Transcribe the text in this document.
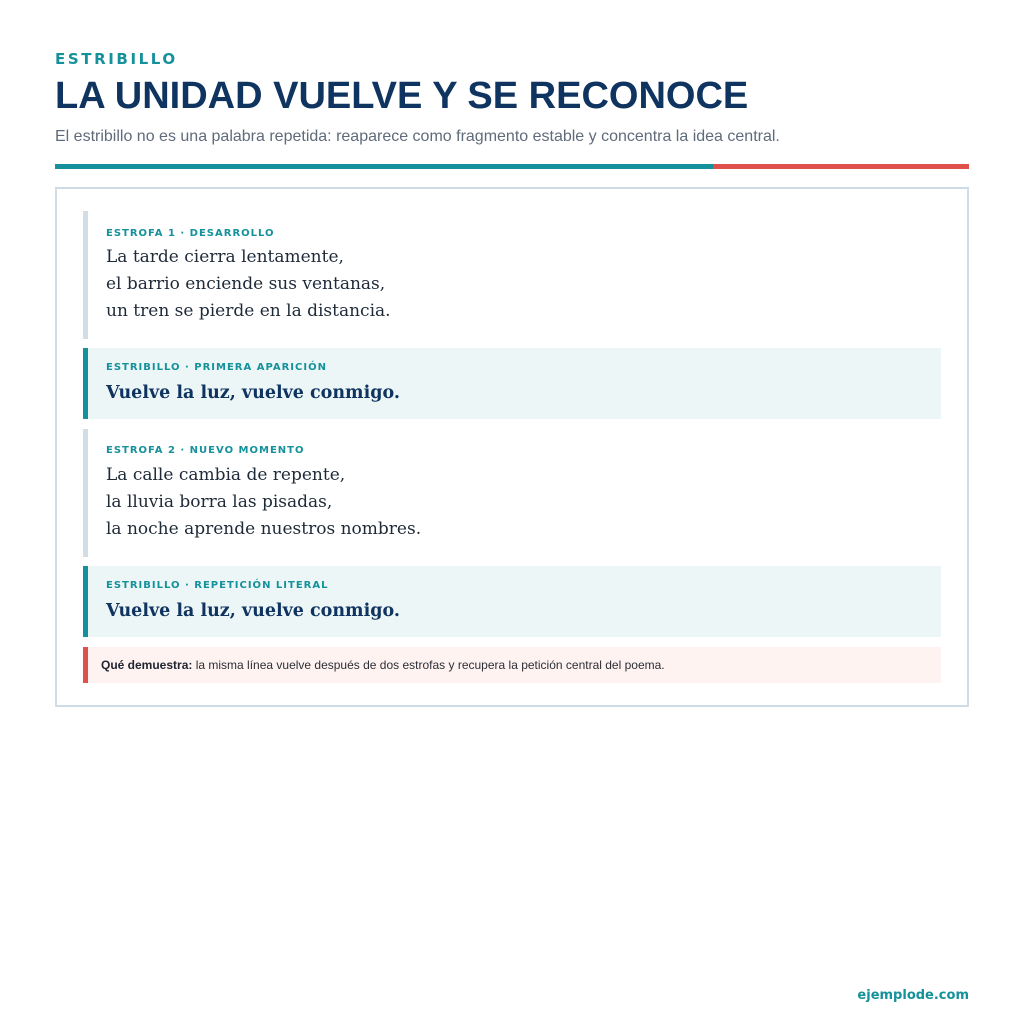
ESTRIBILLO
LA UNIDAD VUELVE Y SE RECONOCE

El estribillo no es una palabra repetida: reaparece como fragmento estable y concentra la idea central.

ESTROFA 1 · DESARROLLO
La tarde cierra lentamente,
el barrio enciende sus ventanas,
un tren se pierde en la distancia.
ESTRIBILLO · PRIMERA APARICIÓN
Vuelve la luz, vuelve conmigo.
ESTROFA 2 · NUEVO MOMENTO
La calle cambia de repente,
la lluvia borra las pisadas,
la noche aprende nuestros nombres.
ESTRIBILLO · REPETICIÓN LITERAL
Vuelve la luz, vuelve conmigo.
Qué demuestra: la misma línea vuelve después de dos estrofas y recupera la petición central del poema.
ejemplode.com
